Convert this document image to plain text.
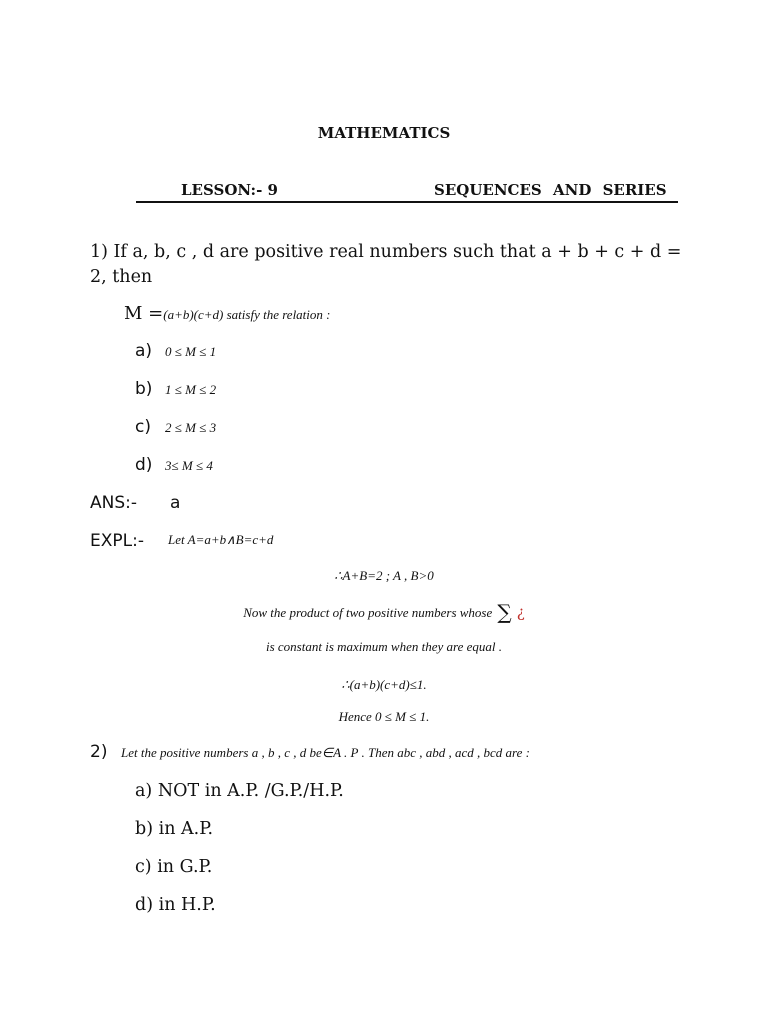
MATHEMATICS
LESSON:- 9	SEQUENCES AND SERIES
1) If a, b, c , d are positive real numbers such that a + b + c + d = 2, then
M =(a+b)(c+d) satisfy the relation :
a) 0 ≤ M ≤ 1
b) 1 ≤ M ≤ 2
c) 2 ≤ M ≤ 3
d) 3≤ M ≤ 4
ANS:- a
EXPL:- Let A=a+b∧B=c+d
∴A+B=2 ; A , B>0
Now the product of two positive numbers whose ∑ ¿
is constant is maximum when they are equal .
∴(a+b)(c+d)≤1.
Hence 0 ≤ M ≤ 1.
2) Let the positive numbers a , b , c , d be∈A . P . Then abc , abd , acd , bcd are :
a) NOT in A.P. /G.P./H.P.
b) in A.P.
c) in G.P.
d) in H.P.
